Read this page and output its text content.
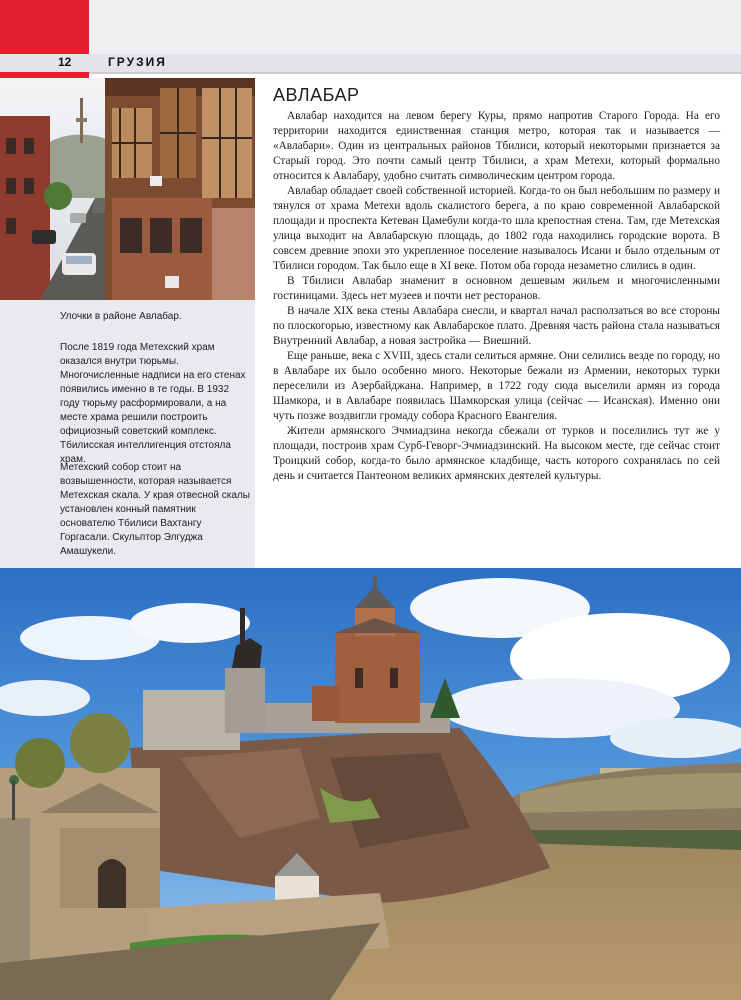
12	ГРУЗИЯ

Улочки в районе Авлабар.

После 1819 года Метехский храм оказался внутри тюрьмы. Многочисленные надписи на его стенах появились именно в те годы. В 1932 году тюрьму расформировали, а на месте храма решили построить официозный советский комплекс. Тбилисская интеллигенция отстояла храм.

Метехский собор стоит на возвышенности, которая называется Метехская скала. У края отвесной скалы установлен конный памятник основателю Тбилиси Вахтангу Горгасали. Скульптор Элгуджа Амашукели.

АВЛАБАР

Авлабар находится на левом берегу Куры, прямо напротив Старого Города. На его территории находится единственная станция метро, которая так и называется — «Авлабари». Один из центральных районов Тбилиси, который некоторыми признается за Старый город. Это почти самый центр Тбилиси, а храм Метехи, который формально относится к Авлабару, удобно считать символическим центром города.

Авлабар обладает своей собственной историей. Когда-то он был небольшим по размеру и тянулся от храма Метехи вдоль скалистого берега, а по краю современной Авлабарской площади и проспекта Кетеван Цамебули когда-то шла крепостная стена. Там, где Метехская улица выходит на Авлабарскую площадь, до 1802 года находились городские ворота. В совсем древние эпохи это укрепленное поселение называлось Исани и было отдельным от Тбилиси городом. Так было еще в XI веке. Потом оба города незаметно слились в один.

В Тбилиси Авлабар знаменит в основном дешевым жильем и многочисленными гостиницами. Здесь нет музеев и почти нет ресторанов.

В начале XIX века стены Авлабара снесли, и квартал начал расползаться во все стороны по плоскогорью, известному как Авлабарское плато. Древняя часть района стала называться Внутренний Авлабар, а новая застройка — Внешний.

Еще раньше, века с XVIII, здесь стали селиться армяне. Они селились везде по городу, но в Авлабаре их было особенно много. Некоторые бежали из Армении, некоторых турки переселили из Азербайджана. Например, в 1722 году сюда выселили армян из города Шамкора, и в Авлабаре появилась Шамкорская улица (сейчас — Исанская). Именно они чуть позже воздвигли громаду собора Красного Евангелия.

Жители армянского Эчмиадзина некогда сбежали от турков и поселились тут же у площади, построив храм Сурб-Геворг-Эчмиадзинский. На высоком месте, где сейчас стоит Троицкий собор, когда-то было армянское кладбище, часть которого сохранялась по сей день и считается Пантеоном великих армянских деятелей культуры.
